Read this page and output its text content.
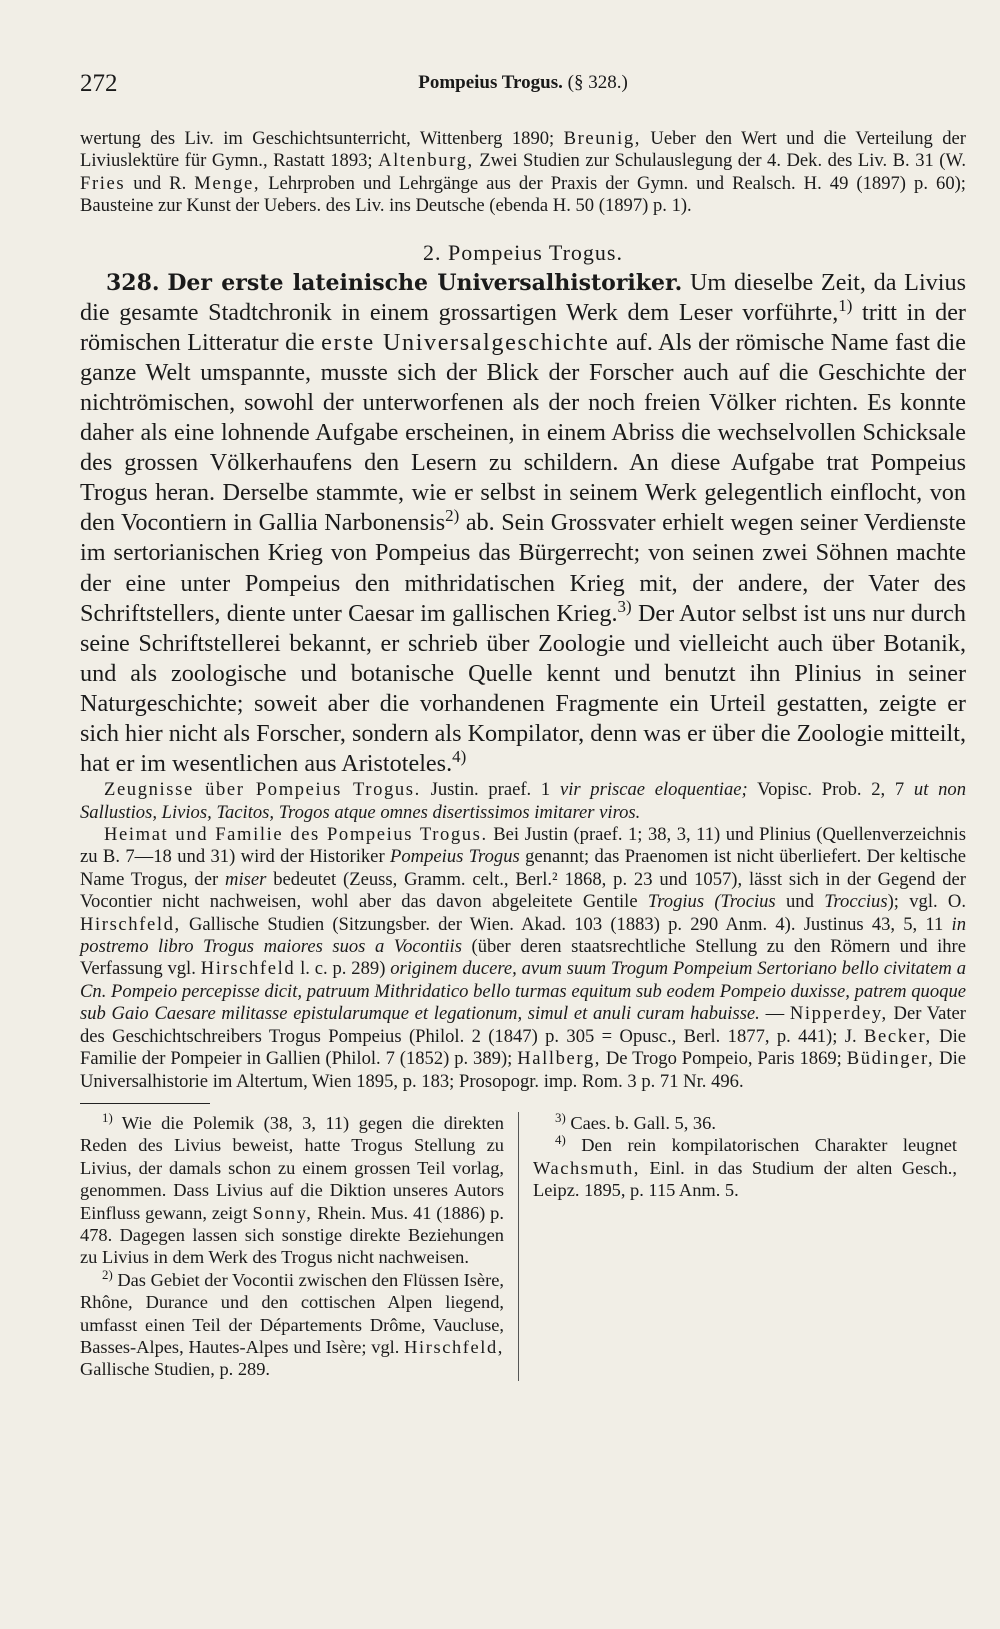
272	Pompeius Trogus. (§ 328.)

wertung des Liv. im Geschichtsunterricht, Wittenberg 1890; Breunig, Ueber den Wert und die Verteilung der Liviuslektüre für Gymn., Rastatt 1893; Altenburg, Zwei Studien zur Schulauslegung der 4. Dek. des Liv. B. 31 (W. Fries und R. Menge, Lehrproben und Lehrgänge aus der Praxis der Gymn. und Realsch. H. 49 (1897) p. 60); Bausteine zur Kunst der Uebers. des Liv. ins Deutsche (ebenda H. 50 (1897) p. 1).

2. Pompeius Trogus.

328. Der erste lateinische Universalhistoriker. Um dieselbe Zeit, da Livius die gesamte Stadtchronik in einem grossartigen Werk dem Leser vorführte,$^{1)}$ tritt in der römischen Litteratur die erste Universalgeschichte auf. Als der römische Name fast die ganze Welt umspannte, musste sich der Blick der Forscher auch auf die Geschichte der nichtrömischen, sowohl der unterworfenen als der noch freien Völker richten. Es konnte daher als eine lohnende Aufgabe erscheinen, in einem Abriss die wechselvollen Schicksale des grossen Völkerhaufens den Lesern zu schildern. An diese Aufgabe trat Pompeius Trogus heran. Derselbe stammte, wie er selbst in seinem Werk gelegentlich einflocht, von den Vocontiern in Gallia Narbonensis$^{2)}$ ab. Sein Grossvater erhielt wegen seiner Verdienste im sertorianischen Krieg von Pompeius das Bürgerrecht; von seinen zwei Söhnen machte der eine unter Pompeius den mithridatischen Krieg mit, der andere, der Vater des Schriftstellers, diente unter Caesar im gallischen Krieg.$^{3)}$ Der Autor selbst ist uns nur durch seine Schriftstellerei bekannt, er schrieb über Zoologie und vielleicht auch über Botanik, und als zoologische und botanische Quelle kennt und benutzt ihn Plinius in seiner Naturgeschichte; soweit aber die vorhandenen Fragmente ein Urteil gestatten, zeigte er sich hier nicht als Forscher, sondern als Kompilator, denn was er über die Zoologie mitteilt, hat er im wesentlichen aus Aristoteles.$^{4)}$

Zeugnisse über Pompeius Trogus. Justin. praef. 1 vir priscae eloquentiae; Vopisc. Prob. 2, 7 ut non Sallustios, Livios, Tacitos, Trogos atque omnes disertissimos imitarer viros.

Heimat und Familie des Pompeius Trogus. Bei Justin (praef. 1; 38, 3, 11) und Plinius (Quellenverzeichnis zu B. 7—18 und 31) wird der Historiker Pompeius Trogus genannt; das Praenomen ist nicht überliefert. Der keltische Name Trogus, der miser bedeutet (Zeuss, Gramm. celt., Berl.² 1868, p. 23 und 1057), lässt sich in der Gegend der Vocontier nicht nachweisen, wohl aber das davon abgeleitete Gentile Trogius (Trocius und Troccius); vgl. O. Hirschfeld, Gallische Studien (Sitzungsber. der Wien. Akad. 103 (1883) p. 290 Anm. 4). Justinus 43, 5, 11 in postremo libro Trogus maiores suos a Vocontiis (über deren staatsrechtliche Stellung zu den Römern und ihre Verfassung vgl. Hirschfeld l. c. p. 289) originem ducere, avum suum Trogum Pompeium Sertoriano bello civitatem a Cn. Pompeio percepisse dicit, patruum Mithridatico bello turmas equitum sub eodem Pompeio duxisse, patrem quoque sub Gaio Caesare militasse epistularumque et legationum, simul et anuli curam habuisse. — Nipperdey, Der Vater des Geschichtschreibers Trogus Pompeius (Philol. 2 (1847) p. 305 = Opusc., Berl. 1877, p. 441); J. Becker, Die Familie der Pompeier in Gallien (Philol. 7 (1852) p. 389); Hallberg, De Trogo Pompeio, Paris 1869; Büdinger, Die Universalhistorie im Altertum, Wien 1895, p. 183; Prosopogr. imp. Rom. 3 p. 71 Nr. 496.

$^{1)}$ Wie die Polemik (38, 3, 11) gegen die direkten Reden des Livius beweist, hatte Trogus Stellung zu Livius, der damals schon zu einem grossen Teil vorlag, genommen. Dass Livius auf die Diktion unseres Autors Einfluss gewann, zeigt Sonny, Rhein. Mus. 41 (1886) p. 478. Dagegen lassen sich sonstige direkte Beziehungen zu Livius in dem Werk des Trogus nicht nachweisen.

$^{2)}$ Das Gebiet der Vocontii zwischen den Flüssen Isère, Rhône, Durance und den cottischen Alpen liegend, umfasst einen Teil der Départements Drôme, Vaucluse, Basses-Alpes, Hautes-Alpes und Isère; vgl. Hirschfeld, Gallische Studien, p. 289.

$^{3)}$ Caes. b. Gall. 5, 36.

$^{4)}$ Den rein kompilatorischen Charakter leugnet Wachsmuth, Einl. in das Studium der alten Gesch., Leipz. 1895, p. 115 Anm. 5.
